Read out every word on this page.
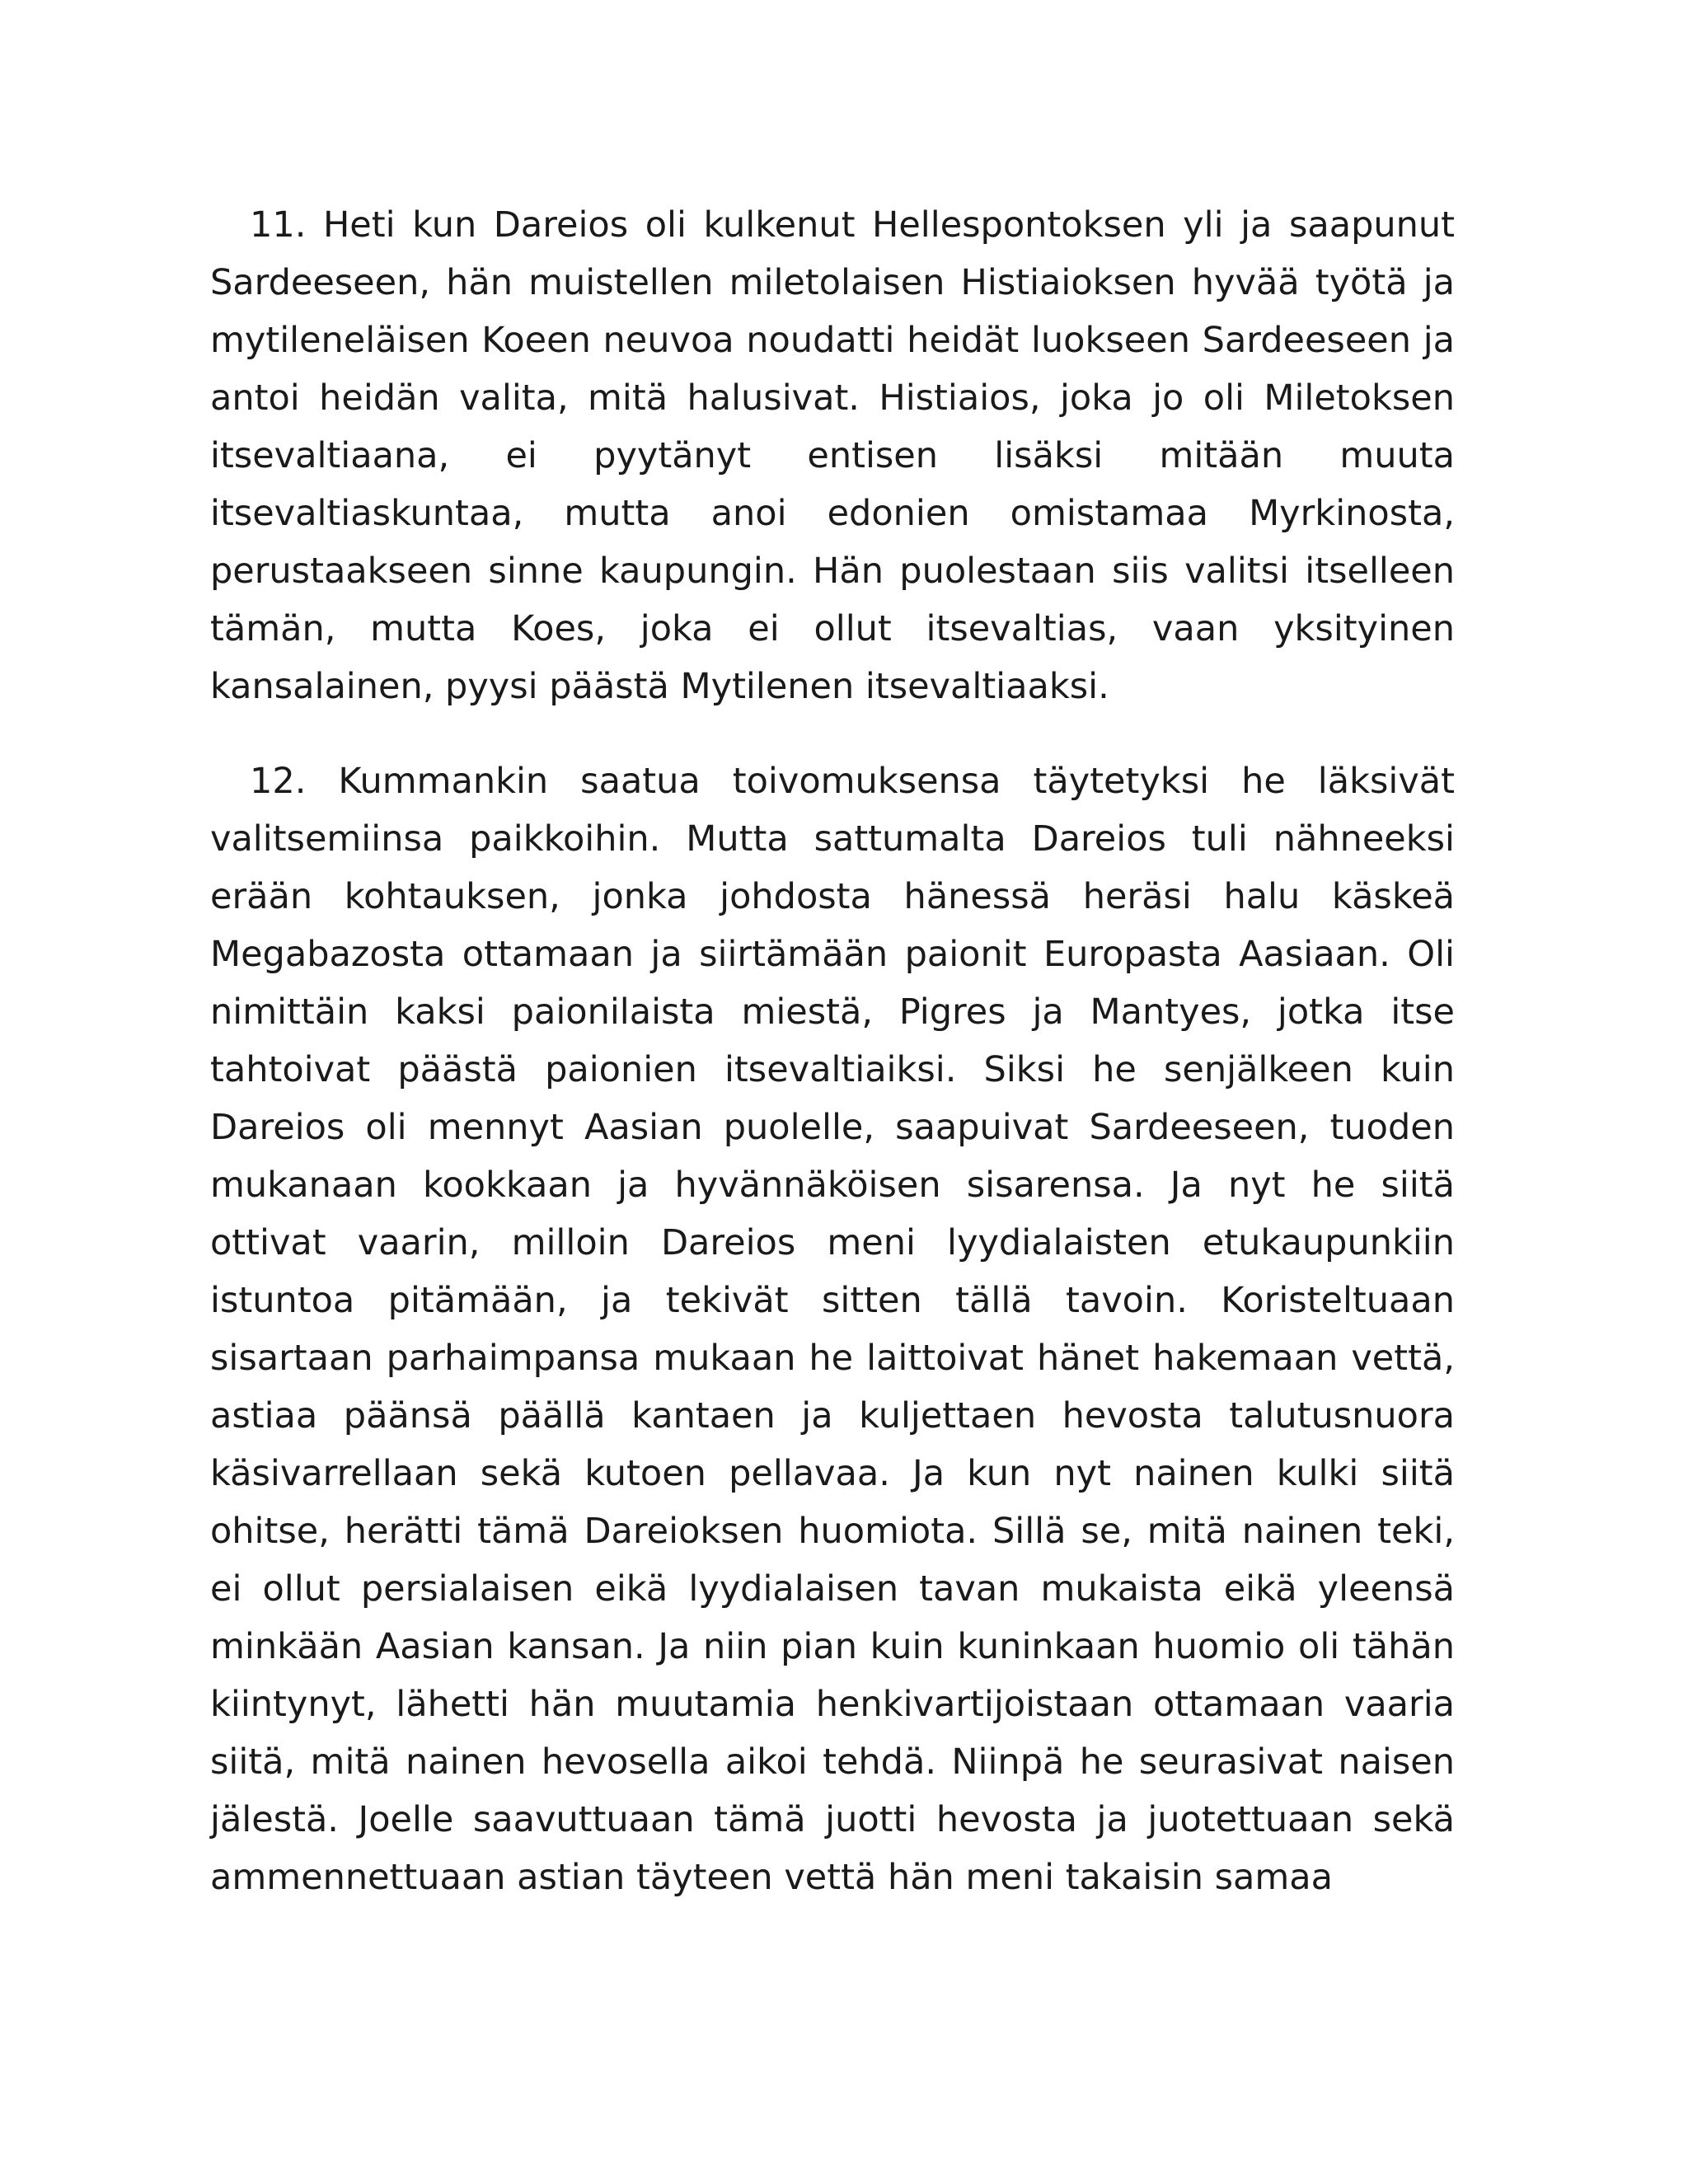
11. Heti kun Dareios oli kulkenut Hellespontoksen yli ja saapunut Sardeeseen, hän muistellen miletolaisen Histiaioksen hyvää työtä ja mytileneläisen Koeen neuvoa noudatti heidät luokseen Sardeeseen ja antoi heidän valita, mitä halusivat. Histiaios, joka jo oli Miletoksen itsevaltiaana, ei pyytänyt entisen lisäksi mitään muuta itsevaltiaskuntaa, mutta anoi edonien omistamaa Myrkinosta, perustaakseen sinne kaupungin. Hän puolestaan siis valitsi itselleen tämän, mutta Koes, joka ei ollut itsevaltias, vaan yksityinen kansalainen, pyysi päästä Mytilenen itsevaltiaaksi.

12. Kummankin saatua toivomuksensa täytetyksi he läksivät valitsemiinsa paikkoihin. Mutta sattumalta Dareios tuli nähneeksi erään kohtauksen, jonka johdosta hänessä heräsi halu käskeä Megabazosta ottamaan ja siirtämään paionit Europasta Aasiaan. Oli nimittäin kaksi paionilaista miestä, Pigres ja Mantyes, jotka itse tahtoivat päästä paionien itsevaltiaiksi. Siksi he senjälkeen kuin Dareios oli mennyt Aasian puolelle, saapuivat Sardeeseen, tuoden mukanaan kookkaan ja hyvännäköisen sisarensa. Ja nyt he siitä ottivat vaarin, milloin Dareios meni lyydialaisten etukaupunkiin istuntoa pitämään, ja tekivät sitten tällä tavoin. Koristeltuaan sisartaan parhaimpansa mukaan he laittoivat hänet hakemaan vettä, astiaa päänsä päällä kantaen ja kuljettaen hevosta talutusnuora käsivarrellaan sekä kutoen pellavaa. Ja kun nyt nainen kulki siitä ohitse, herätti tämä Dareioksen huomiota. Sillä se, mitä nainen teki, ei ollut persialaisen eikä lyydialaisen tavan mukaista eikä yleensä minkään Aasian kansan. Ja niin pian kuin kuninkaan huomio oli tähän kiintynyt, lähetti hän muutamia henkivartijoistaan ottamaan vaaria siitä, mitä nainen hevosella aikoi tehdä. Niinpä he seurasivat naisen jälestä. Joelle saavuttuaan tämä juotti hevosta ja juotettuaan sekä ammennettuaan astian täyteen vettä hän meni takaisin samaa
